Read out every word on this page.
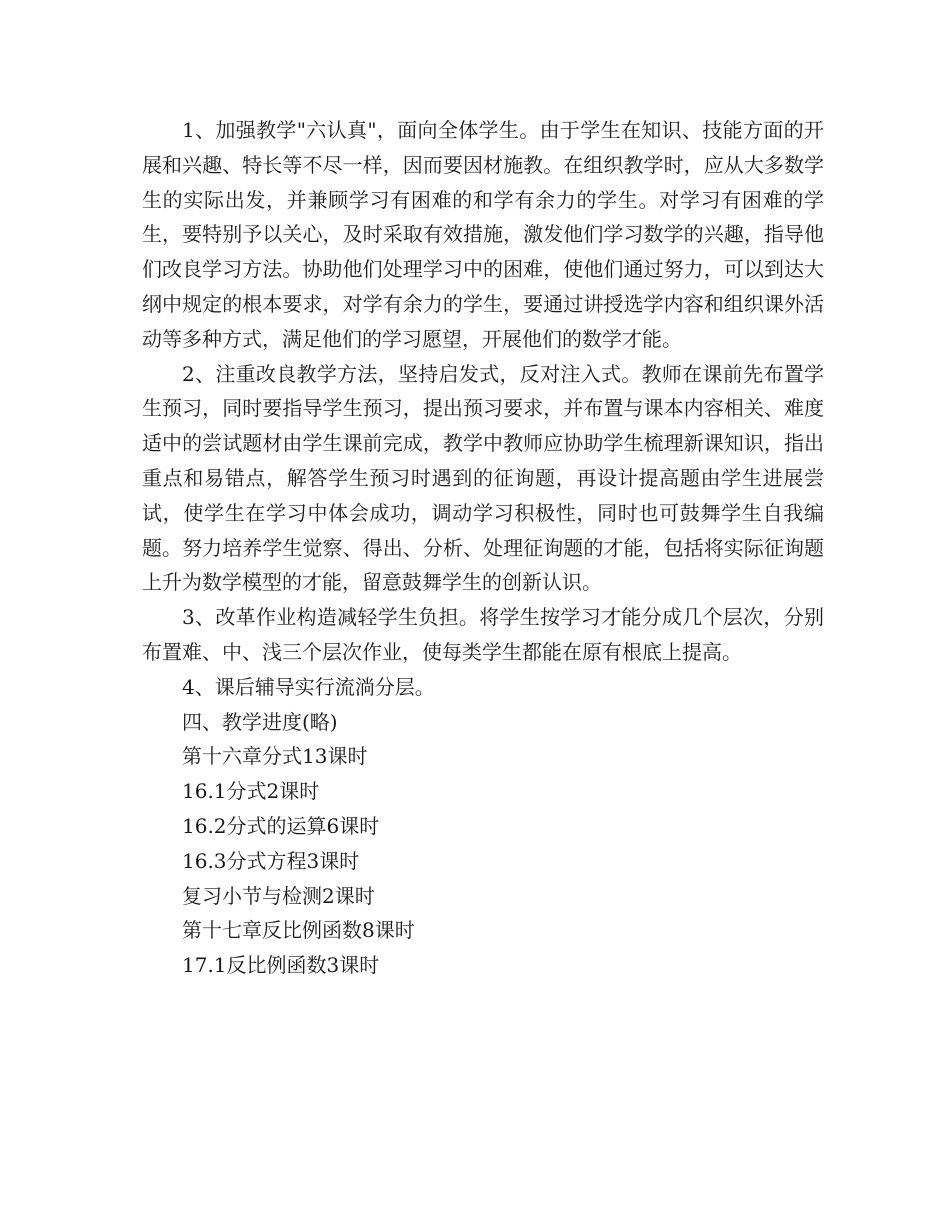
1、加强教学"六认真"，面向全体学生。由于学生在知识、技能方面的开展和兴趣、特长等不尽一样，因而要因材施教。在组织教学时，应从大多数学生的实际出发，并兼顾学习有困难的和学有余力的学生。对学习有困难的学生，要特别予以关心，及时采取有效措施，激发他们学习数学的兴趣，指导他们改良学习方法。协助他们处理学习中的困难，使他们通过努力，可以到达大纲中规定的根本要求，对学有余力的学生，要通过讲授选学内容和组织课外活动等多种方式，满足他们的学习愿望，开展他们的数学才能。

2、注重改良教学方法，坚持启发式，反对注入式。教师在课前先布置学生预习，同时要指导学生预习，提出预习要求，并布置与课本内容相关、难度适中的尝试题材由学生课前完成，教学中教师应协助学生梳理新课知识，指出重点和易错点，解答学生预习时遇到的征询题，再设计提高题由学生进展尝试，使学生在学习中体会成功，调动学习积极性，同时也可鼓舞学生自我编题。努力培养学生觉察、得出、分析、处理征询题的才能，包括将实际征询题上升为数学模型的才能，留意鼓舞学生的创新认识。

3、改革作业构造减轻学生负担。将学生按学习才能分成几个层次，分别布置难、中、浅三个层次作业，使每类学生都能在原有根底上提高。

4、课后辅导实行流淌分层。

四、教学进度(略)

第十六章分式13课时

16.1分式2课时

16.2分式的运算6课时

16.3分式方程3课时

复习小节与检测2课时

第十七章反比例函数8课时

17.1反比例函数3课时
